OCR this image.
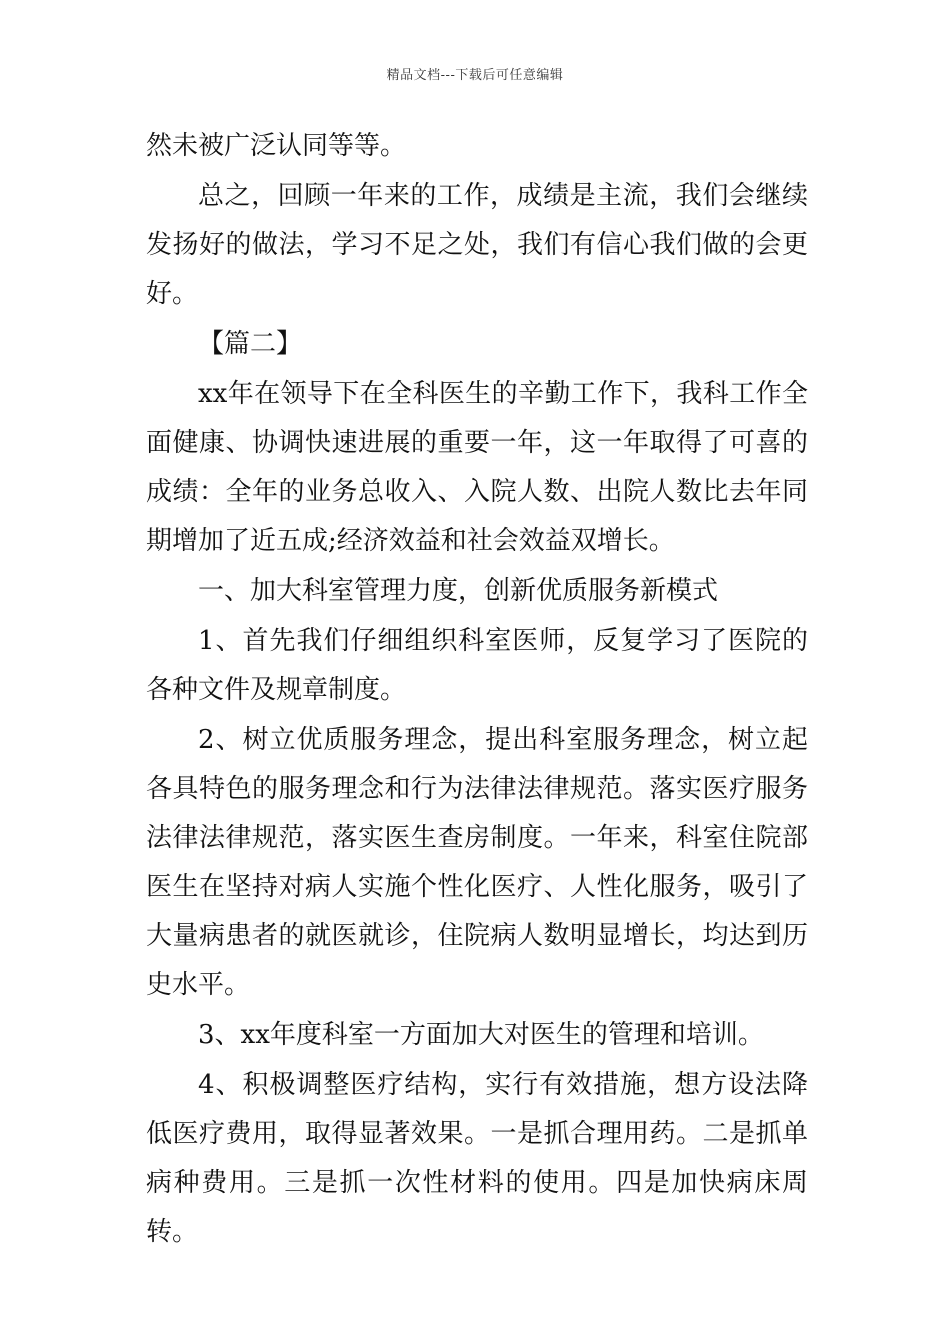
精品文档---下载后可任意编辑

然未被广泛认同等等。

总之，回顾一年来的工作，成绩是主流，我们会继续发扬好的做法，学习不足之处，我们有信心我们做的会更好。

【篇二】

xx年在领导下在全科医生的辛勤工作下，我科工作全面健康、协调快速进展的重要一年，这一年取得了可喜的成绩：全年的业务总收入、入院人数、出院人数比去年同期增加了近五成;经济效益和社会效益双增长。

一、加大科室管理力度，创新优质服务新模式

1、首先我们仔细组织科室医师，反复学习了医院的各种文件及规章制度。

2、树立优质服务理念，提出科室服务理念，树立起各具特色的服务理念和行为法律法律规范。落实医疗服务法律法律规范，落实医生查房制度。一年来，科室住院部医生在坚持对病人实施个性化医疗、人性化服务，吸引了大量病患者的就医就诊，住院病人数明显增长，均达到历史水平。

3、xx年度科室一方面加大对医生的管理和培训。

4、积极调整医疗结构，实行有效措施，想方设法降低医疗费用，取得显著效果。一是抓合理用药。二是抓单病种费用。三是抓一次性材料的使用。四是加快病床周转。
